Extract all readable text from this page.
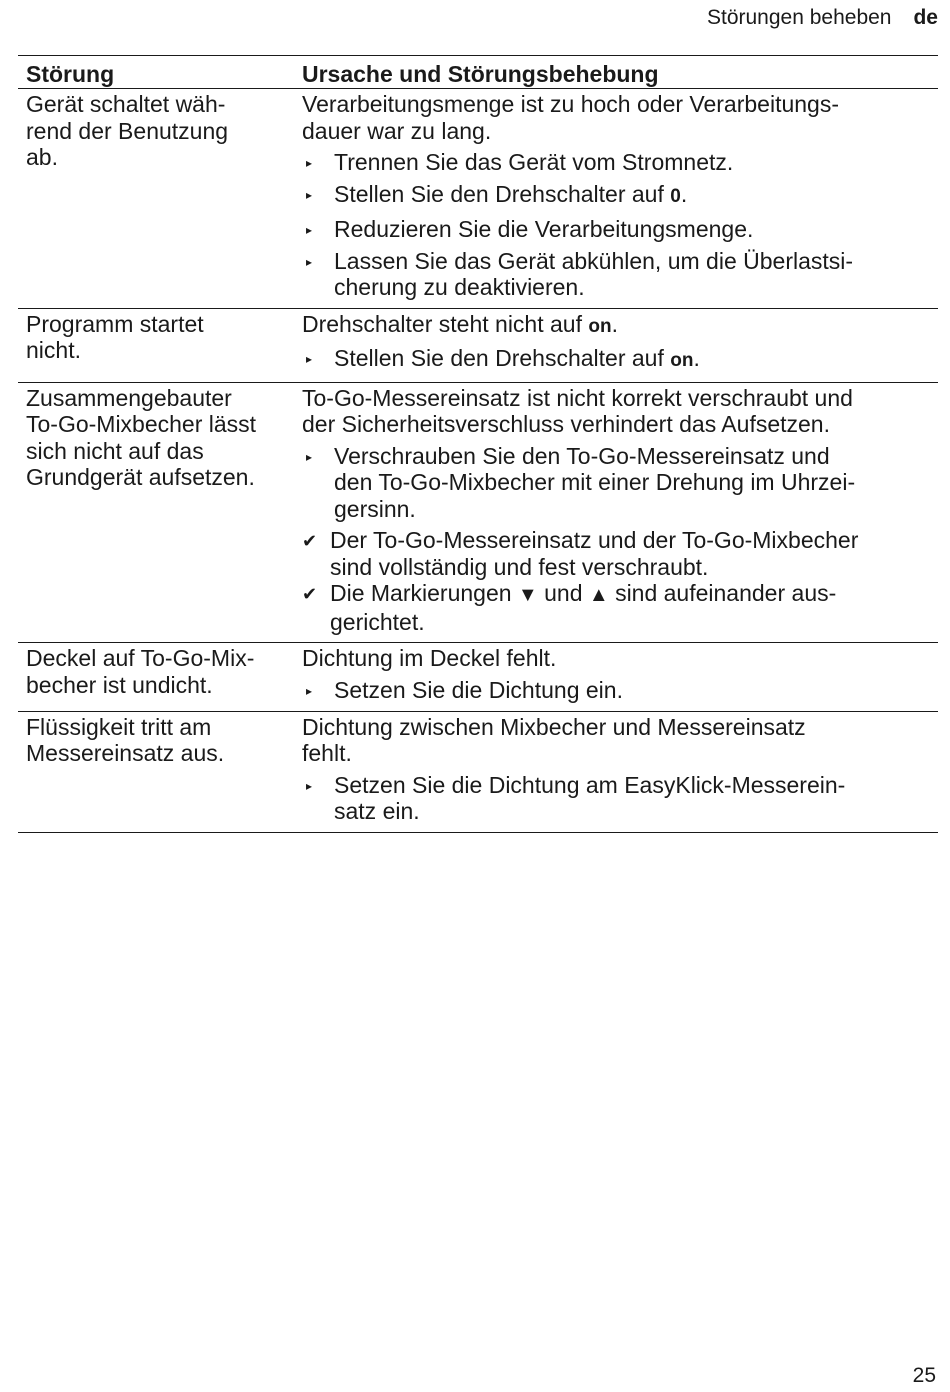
Störungen beheben de
Störung	Ursache und Störungsbehebung
Gerät schaltet wäh-
rend der Benutzung
ab.
Verarbeitungsmenge ist zu hoch oder Verarbeitungs-
dauer war zu lang.
▸ Trennen Sie das Gerät vom Stromnetz.
▸ Stellen Sie den Drehschalter auf 0.
▸ Reduzieren Sie die Verarbeitungsmenge.
▸ Lassen Sie das Gerät abkühlen, um die Überlastsi-
cherung zu deaktivieren.
Programm startet
nicht.
Drehschalter steht nicht auf on.
▸ Stellen Sie den Drehschalter auf on.
Zusammengebauter
To-Go-Mixbecher lässt
sich nicht auf das
Grundgerät aufsetzen.
To-Go-Messereinsatz ist nicht korrekt verschraubt und
der Sicherheitsverschluss verhindert das Aufsetzen.
▸ Verschrauben Sie den To-Go-Messereinsatz und
den To-Go-Mixbecher mit einer Drehung im Uhrzei-
gersinn.
✔ Der To-Go-Messereinsatz und der To-Go-Mixbecher
sind vollständig und fest verschraubt.
✔ Die Markierungen ▼ und ▲ sind aufeinander aus-
gerichtet.
Deckel auf To-Go-Mix-
becher ist undicht.
Dichtung im Deckel fehlt.
▸ Setzen Sie die Dichtung ein.
Flüssigkeit tritt am
Messereinsatz aus.
Dichtung zwischen Mixbecher und Messereinsatz
fehlt.
▸ Setzen Sie die Dichtung am EasyKlick-Messerein-
satz ein.
25
